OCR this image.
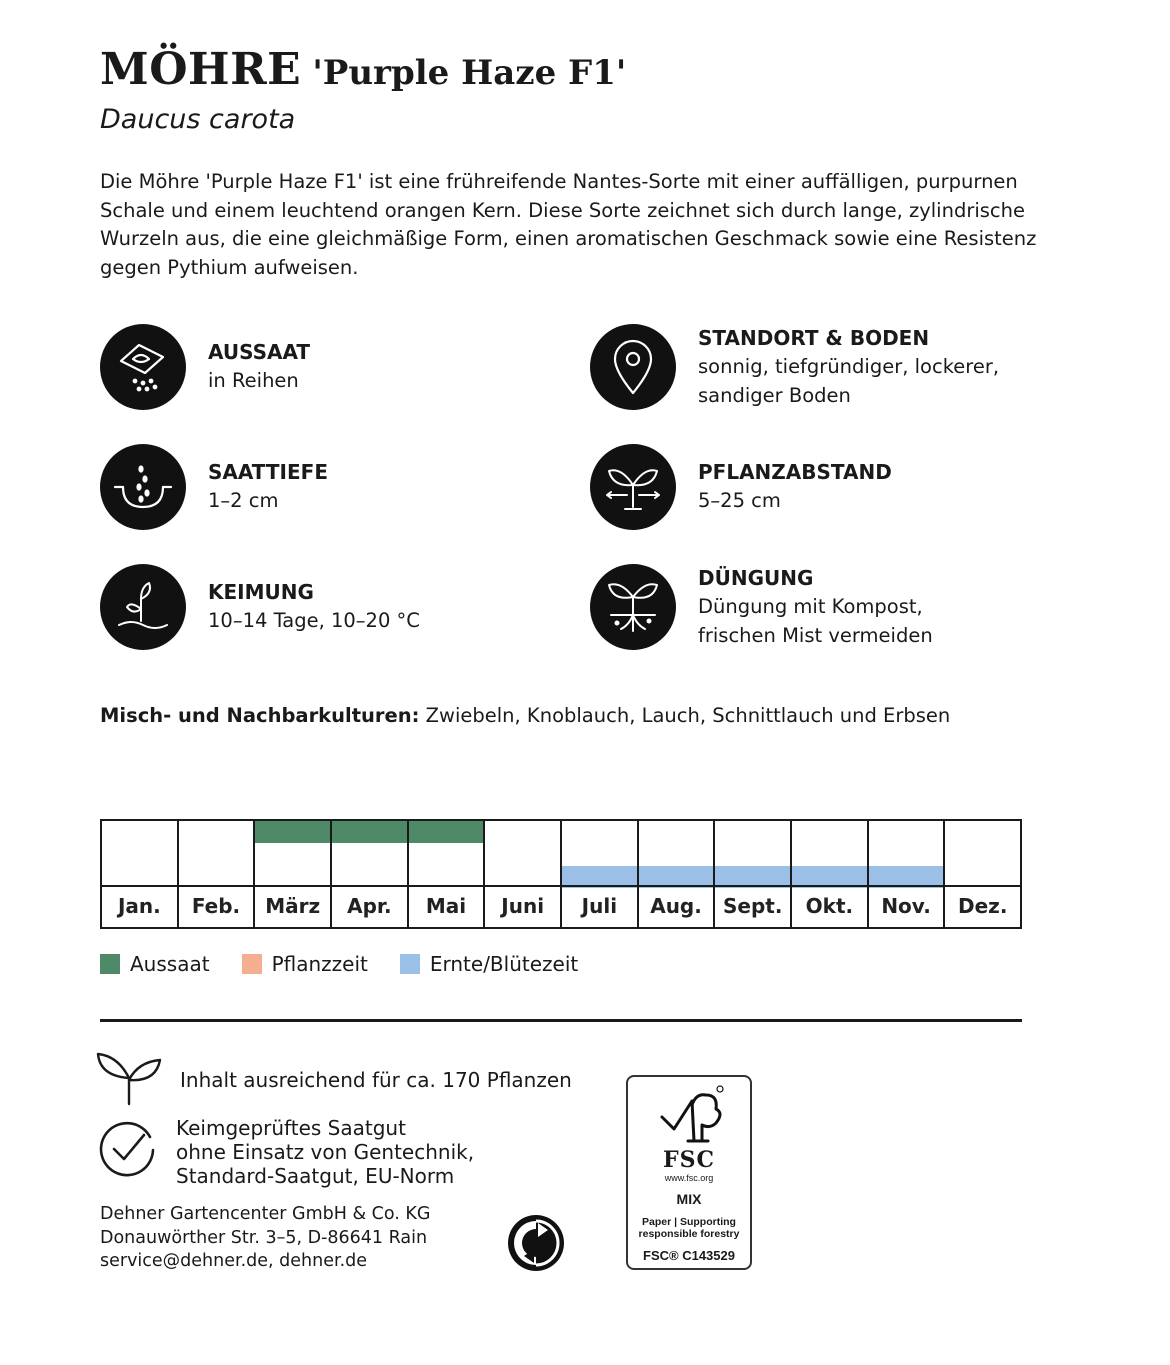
MÖHRE 'Purple Haze F1'
Daucus carota

Die Möhre 'Purple Haze F1' ist eine frühreifende Nantes-Sorte mit einer auffälligen, purpurnen Schale und einem leuchtend orangen Kern. Diese Sorte zeichnet sich durch lange, zylindrische Wurzeln aus, die eine gleichmäßige Form, einen aromatischen Geschmack sowie eine Resistenz gegen Pythium aufweisen.

AUSSAAT
in Reihen
STANDORT & BODEN
sonnig, tiefgründiger, lockerer,
sandiger Boden
SAATTIEFE
1–2 cm
PFLANZABSTAND
5–25 cm
KEIMUNG
10–14 Tage, 10–20 °C
DÜNGUNG
Düngung mit Kompost,
frischen Mist vermeiden
Misch- und Nachbarkulturen: Zwiebeln, Knoblauch, Lauch, Schnittlauch und Erbsen
Jan.	Feb.	März	Apr.	Mai	Juni	Juli	Aug.	Sept.	Okt.	Nov.	Dez.
Aussaat	Pflanzzeit	Ernte/Blütezeit
Inhalt ausreichend für ca. 170 Pflanzen
Keimgeprüftes Saatgut
ohne Einsatz von Gentechnik,
Standard-Saatgut, EU-Norm
Dehner Gartencenter GmbH & Co. KG
Donauwörther Str. 3–5, D-86641 Rain
service@dehner.de, dehner.de
FSC
www.fsc.org
MIX
Paper | Supporting
responsible forestry
FSC® C143529
